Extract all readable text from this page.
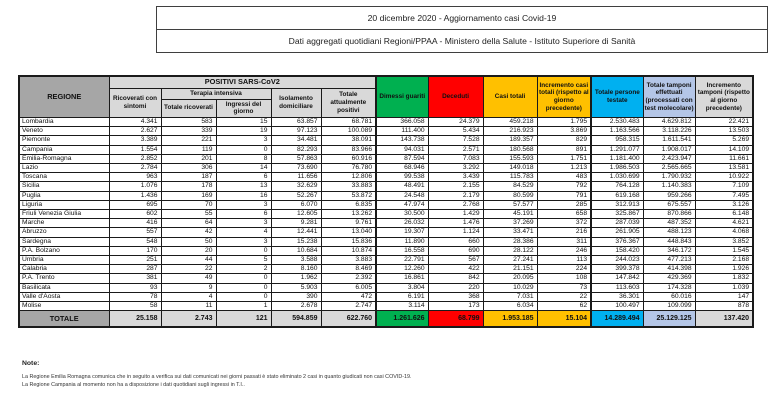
20 dicembre 2020 - Aggiornamento casi Covid-19
Dati aggregati quotidiani Regioni/PPAA - Ministero della Salute - Istituto Superiore di Sanità
REGIONE	POSITIVI SARS-CoV2					Dimessi guariti	Deceduti	Casi totali	Incremento casi totali (rispetto al giorno precedente)	Totale persone testate	Totale tamponi effettuati (processati con test molecolare)	Incremento tamponi (rispetto al giorno precedente)
	Ricoverati con sintomi	Terapia intensiva		Isolamento domiciliare	Totale attualmente positivi							
		Totale ricoverati	Ingressi del giorno									
Lombardia	4.341	583	15	63.857	68.781	366.058	24.379	459.218	1.795	2.530.483	4.629.812	22.421
Veneto	2.627	339	19	97.123	100.089	111.400	5.434	216.923	3.869	1.163.566	3.118.226	13.503
Piemonte	3.389	221	3	34.481	38.091	143.738	7.528	189.357	829	958.315	1.611.541	5.269
Campania	1.554	119	0	82.293	83.966	94.031	2.571	180.568	891	1.291.077	1.908.017	14.109
Emilia-Romagna	2.852	201	8	57.863	60.916	87.594	7.083	155.593	1.751	1.181.400	2.423.947	11.661
Lazio	2.784	306	14	73.690	76.780	68.946	3.292	149.018	1.213	1.986.503	2.565.665	13.581
Toscana	963	187	6	11.656	12.806	99.538	3.439	115.783	483	1.030.699	1.790.932	10.922
Sicilia	1.076	178	13	32.629	33.883	48.491	2.155	84.529	792	764.128	1.140.383	7.109
Puglia	1.436	169	16	52.267	53.872	24.548	2.179	80.599	791	619.168	959.266	7.495
Liguria	695	70	3	6.070	6.835	47.974	2.768	57.577	285	312.913	675.557	3.126
Friuli Venezia Giulia	602	55	6	12.605	13.262	30.500	1.429	45.191	658	325.867	870.866	6.148
Marche	416	64	3	9.281	9.761	26.032	1.476	37.269	372	287.039	487.352	4.621
Abruzzo	557	42	4	12.441	13.040	19.307	1.124	33.471	216	261.905	488.123	4.068
Sardegna	548	50	3	15.238	15.836	11.890	660	28.386	311	376.367	448.843	3.852
P.A. Bolzano	170	20	0	10.684	10.874	16.558	690	28.122	246	158.420	346.172	1.545
Umbria	251	44	5	3.588	3.883	22.791	567	27.241	113	244.023	477.213	2.168
Calabria	287	22	2	8.160	8.469	12.260	422	21.151	224	399.378	414.398	1.926
P.A. Trento	381	49	0	1.962	2.392	16.861	842	20.095	108	147.842	429.369	1.832
Basilicata	93	9	0	5.903	6.005	3.804	220	10.029	73	113.603	174.328	1.039
Valle d'Aosta	78	4	0	390	472	6.191	368	7.031	22	36.301	60.016	147
Molise	58	11	1	2.678	2.747	3.114	173	6.034	62	100.497	109.099	878
TOTALE	25.158	2.743	121	594.859	622.760	1.261.626	68.799	1.953.185	15.104	14.289.494	25.129.125	137.420
Note:
La Regione Emilia Romagna comunica che in seguito a verifica sui dati comunicati nei giorni passati è stato eliminato 2 casi in quanto giudicati non casi COVID-19.
La Regione Campania al momento non ha a disposizione i dati quotidiani sugli ingressi in T.I..
